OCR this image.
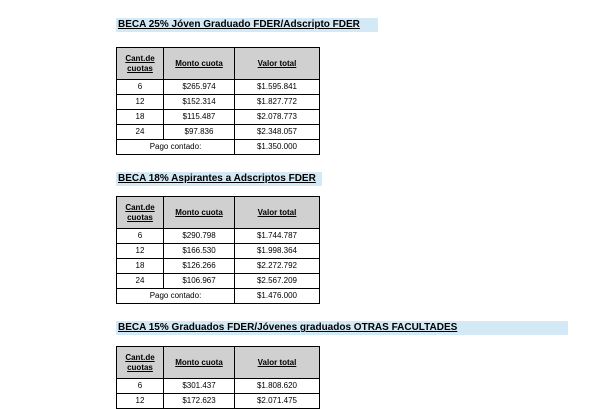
BECA 25% Jóven Graduado FDER/Adscripto FDER
Cant.de cuotas	Monto cuota	Valor total
6	$265.974	$1.595.841
12	$152.314	$1.827.772
18	$115.487	$2.078.773
24	$97.836	$2.348.057
Pago contado:		$1.350.000
BECA 18% Aspirantes a Adscriptos FDER
Cant.de cuotas	Monto cuota	Valor total
6	$290.798	$1.744.787
12	$166.530	$1.998.364
18	$126.266	$2.272.792
24	$106.967	$2.567.209
Pago contado:		$1.476.000
BECA 15% Graduados FDER/Jóvenes graduados OTRAS FACULTADES
Cant.de cuotas	Monto cuota	Valor total
6	$301.437	$1.808.620
12	$172.623	$2.071.475
